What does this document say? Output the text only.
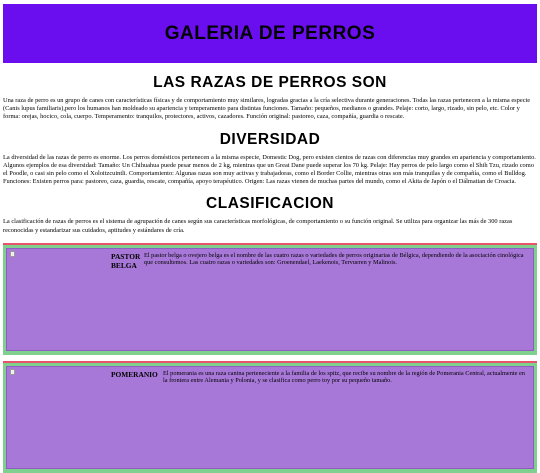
GALERIA DE PERROS
LAS RAZAS DE PERROS SON

Una raza de perro es un grupo de canes con características físicas y de comportamiento muy similares, logradas gracias a la cría selectiva durante generaciones. Todas las razas pertenecen a la misma especie (Canis lupus familiaris),pero los humanos han moldeado su apariencia y temperamento para distintas funciones. Tamaño: pequeños, medianos o grandes. Pelaje: corto, largo, rizado, sin pelo, etc. Color y forma: orejas, hocico, cola, cuerpo. Temperamento: tranquilos, protectores, activos, cazadores. Función original: pastoreo, caza, compañía, guardia o rescate.

DIVERSIDAD

La diversidad de las razas de perro es enorme. Los perros domésticos pertenecen a la misma especie, Domestic Dog, pero existen cientos de razas con diferencias muy grandes en apariencia y comportamiento. Algunos ejemplos de esa diversidad: Tamaño: Un Chihuahua puede pesar menos de 2 kg, mientras que un Great Dane puede superar los 70 kg. Pelaje: Hay perros de pelo largo como el Shih Tzu, rizado como el Poodle, o casi sin pelo como el Xoloitzcuintli. Comportamiento: Algunas razas son muy activas y trabajadoras, como el Border Collie, mientras otras son más tranquilas y de compañía, como el Bulldog. Funciones: Existen perros para: pastoreo, caza, guardia, rescate, compañía, apoyo terapéutico. Origen: Las razas vienen de muchas partes del mundo, como el Akita de Japón o el Dálmatian de Croacia.

CLASIFICACION

La clasificación de razas de perros es el sistema de agrupación de canes según sus características morfológicas, de comportamiento o su función original. Se utiliza para organizar las más de 300 razas reconocidas y estandarizar sus cuidados, aptitudes y estándares de cría.

PASTOR BELGA
El pastor belga o ovejero belga es el nombre de las cuatro razas o variedades de perros originarias de Bélgica, dependiendo de la asociación cinológica que consultemos. Las cuatro razas o variedades son: Groenendael, Laekenois, Tervueren y Malinois.
POMERANIO El pomerania es una raza canina perteneciente a la familia de los spitz, que recibe su nombre de la región de Pomerania Central, actualmente en la frontera entre Alemania y Polonia, y se clasifica como perro toy por su pequeño tamaño.
